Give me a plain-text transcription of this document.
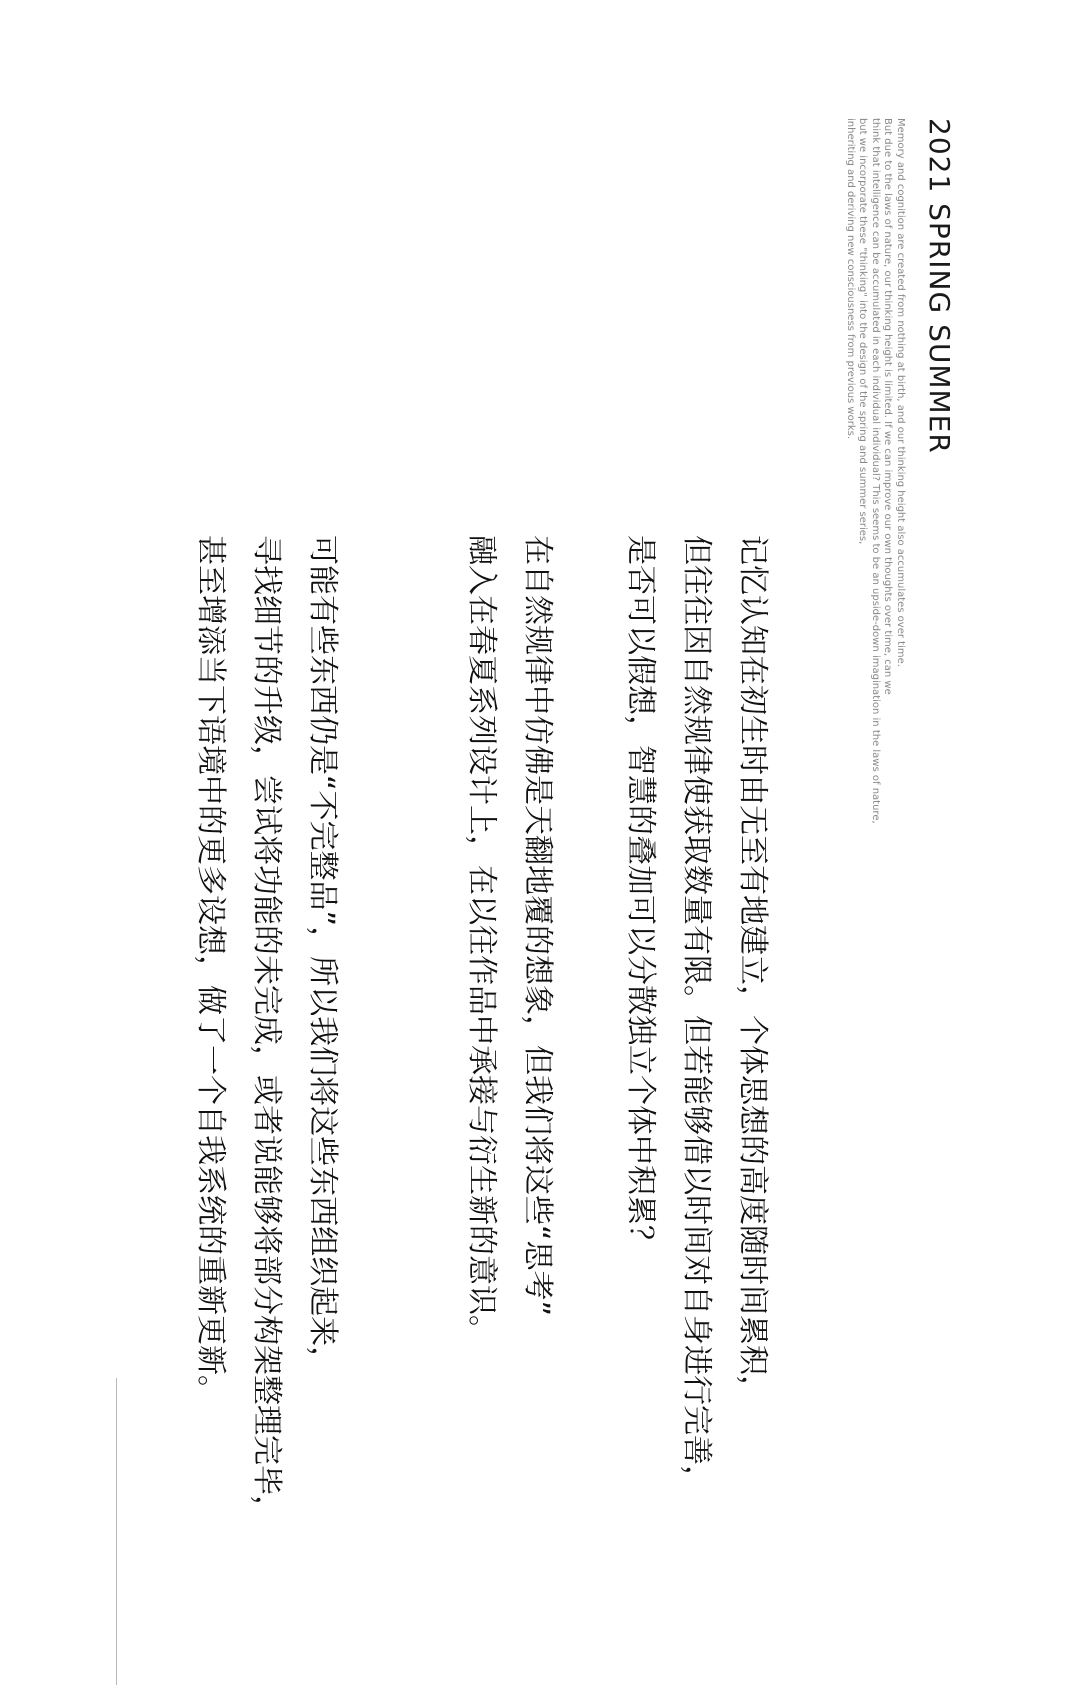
2021 SPRING SUMMER
Memory and cognition are created from nothing at birth, and our thinking height also accumulates over time.
But due to the laws of nature, our thinking height is limited. If we can improve our own thoughts over time, can we
think that intelligence can be accumulated in each individual individual? This seems to be an upside-down imagination in the laws of nature,
but we incorporate these "thinking" into the design of the spring and summer series,
inheriting and deriving new consciousness from previous works.
记忆认知在初生时由无至有地建立，个体思想的高度随时间累积，
但往往因自然规律使获取数量有限。但若能够借以时间对自身进行完善，
是否可以假想，智慧的叠加可以分散独立个体中积累？
在自然规律中仿佛是天翻地覆的想象，但我们将这些“思考”
融入在春夏系列设计上，在以往作品中承接与衍生新的意识。
可能有些东西仍是“不完整品”，所以我们将这些东西组织起来，
寻找细节的升级，尝试将功能的未完成，或者说能够将部分构架整理完毕，
甚至增添当下语境中的更多设想，做了一个自我系统的重新更新。
